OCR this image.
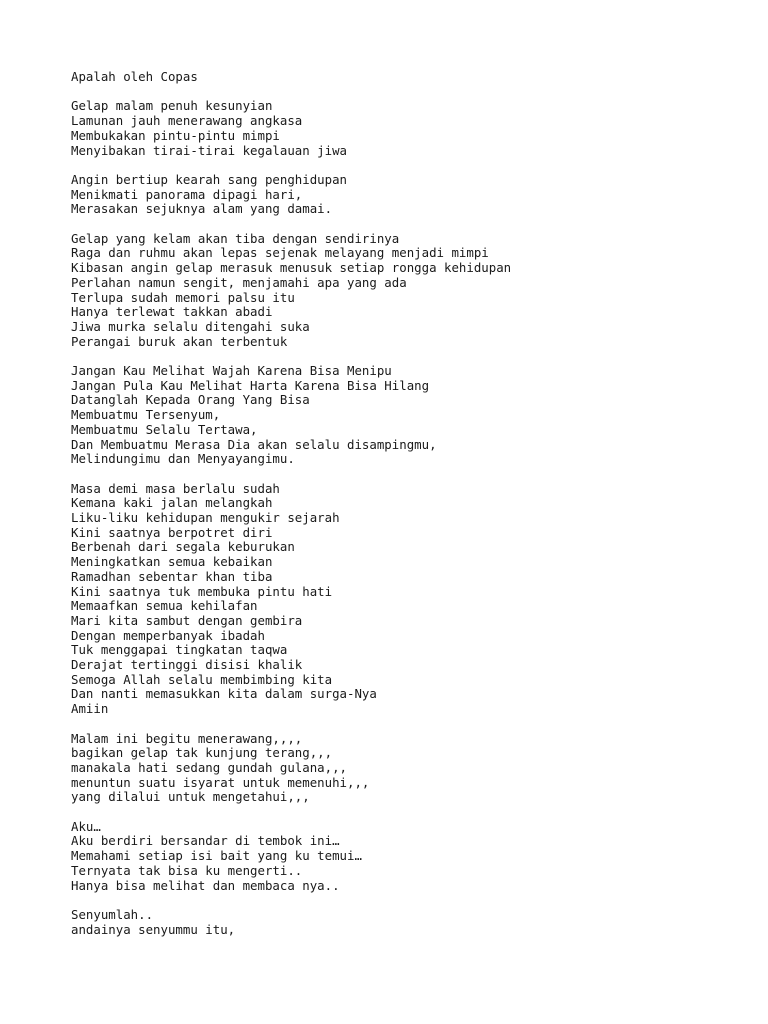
Apalah oleh Copas
Gelap malam penuh kesunyian
Lamunan jauh menerawang angkasa
Membukakan pintu-pintu mimpi
Menyibakan tirai-tirai kegalauan jiwa
Angin bertiup kearah sang penghidupan
Menikmati panorama dipagi hari,
Merasakan sejuknya alam yang damai.
Gelap yang kelam akan tiba dengan sendirinya
Raga dan ruhmu akan lepas sejenak melayang menjadi mimpi
Kibasan angin gelap merasuk menusuk setiap rongga kehidupan
Perlahan namun sengit, menjamahi apa yang ada
Terlupa sudah memori palsu itu
Hanya terlewat takkan abadi
Jiwa murka selalu ditengahi suka
Perangai buruk akan terbentuk
Jangan Kau Melihat Wajah Karena Bisa Menipu
Jangan Pula Kau Melihat Harta Karena Bisa Hilang
Datanglah Kepada Orang Yang Bisa
Membuatmu Tersenyum,
Membuatmu Selalu Tertawa,
Dan Membuatmu Merasa Dia akan selalu disampingmu,
Melindungimu dan Menyayangimu.
Masa demi masa berlalu sudah
Kemana kaki jalan melangkah
Liku-liku kehidupan mengukir sejarah
Kini saatnya berpotret diri
Berbenah dari segala keburukan
Meningkatkan semua kebaikan
Ramadhan sebentar khan tiba
Kini saatnya tuk membuka pintu hati
Memaafkan semua kehilafan
Mari kita sambut dengan gembira
Dengan memperbanyak ibadah
Tuk menggapai tingkatan taqwa
Derajat tertinggi disisi khalik
Semoga Allah selalu membimbing kita
Dan nanti memasukkan kita dalam surga-Nya
Amiin
Malam ini begitu menerawang,,,,
bagikan gelap tak kunjung terang,,,
manakala hati sedang gundah gulana,,,
menuntun suatu isyarat untuk memenuhi,,,
yang dilalui untuk mengetahui,,,
Aku…
Aku berdiri bersandar di tembok ini…
Memahami setiap isi bait yang ku temui…
Ternyata tak bisa ku mengerti..
Hanya bisa melihat dan membaca nya..
Senyumlah..
andainya senyummu itu,
